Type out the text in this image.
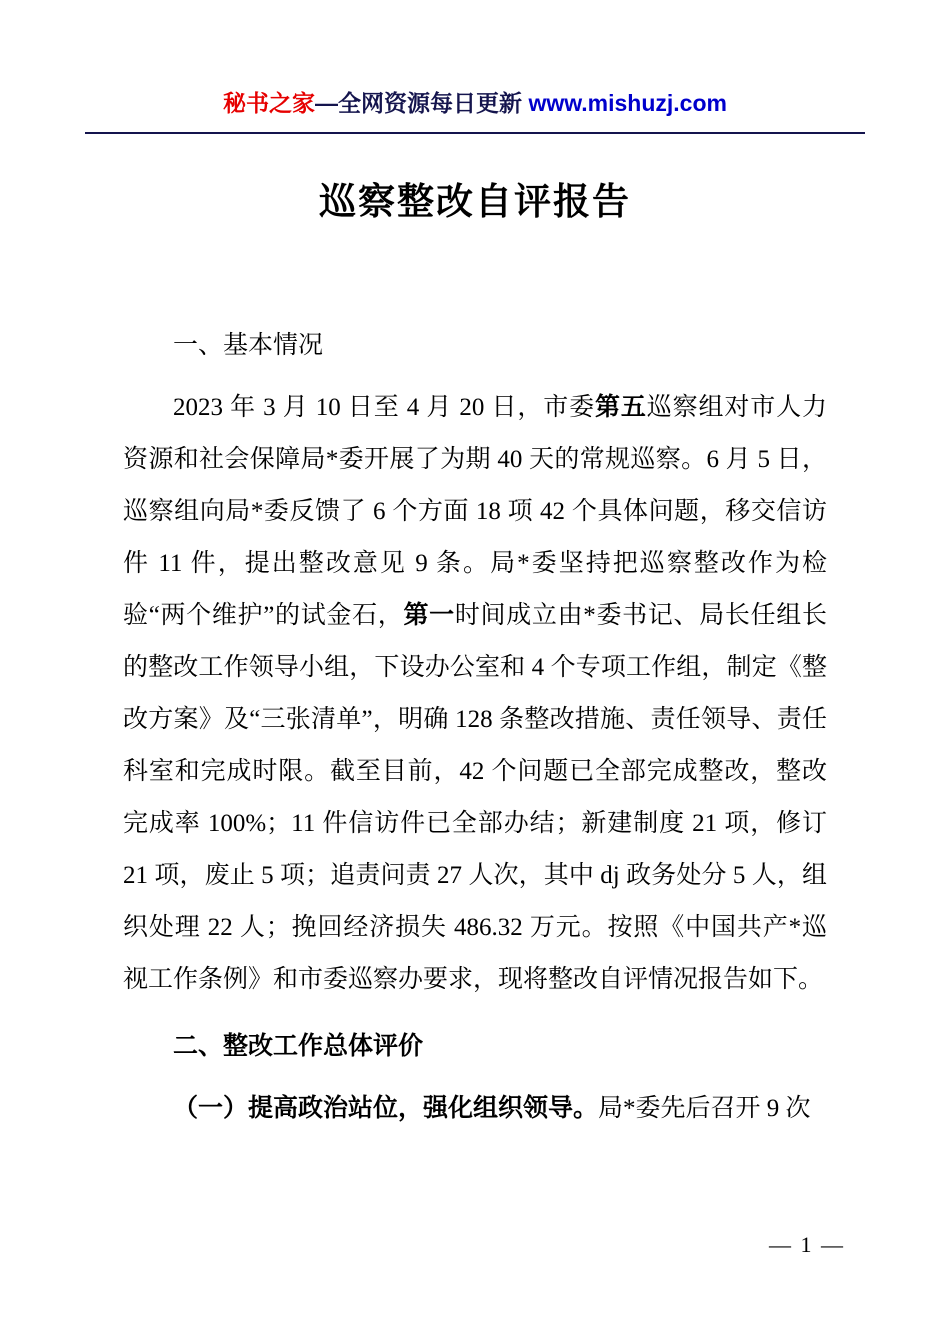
秘书之家—全网资源每日更新 www.mishuzj.com
巡察整改自评报告

一、基本情况

2023 年 3 月 10 日至 4 月 20 日，市委第五巡察组对市人力资源和社会保障局*委开展了为期 40 天的常规巡察。6 月 5 日，巡察组向局*委反馈了 6 个方面 18 项 42 个具体问题，移交信访件 11 件，提出整改意见 9 条。局*委坚持把巡察整改作为检验“两个维护”的试金石，第一时间成立由*委书记、局长任组长的整改工作领导小组，下设办公室和 4 个专项工作组，制定《整改方案》及“三张清单”，明确 128 条整改措施、责任领导、责任科室和完成时限。截至目前，42 个问题已全部完成整改，整改完成率 100%；11 件信访件已全部办结；新建制度 21 项，修订 21 项，废止 5 项；追责问责 27 人次，其中 dj 政务处分 5 人，组织处理 22 人；挽回经济损失 486.32 万元。按照《中国共产*巡视工作条例》和市委巡察办要求，现将整改自评情况报告如下。

二、整改工作总体评价

（一）提高政治站位，强化组织领导。局*委先后召开 9 次

— 1 —
